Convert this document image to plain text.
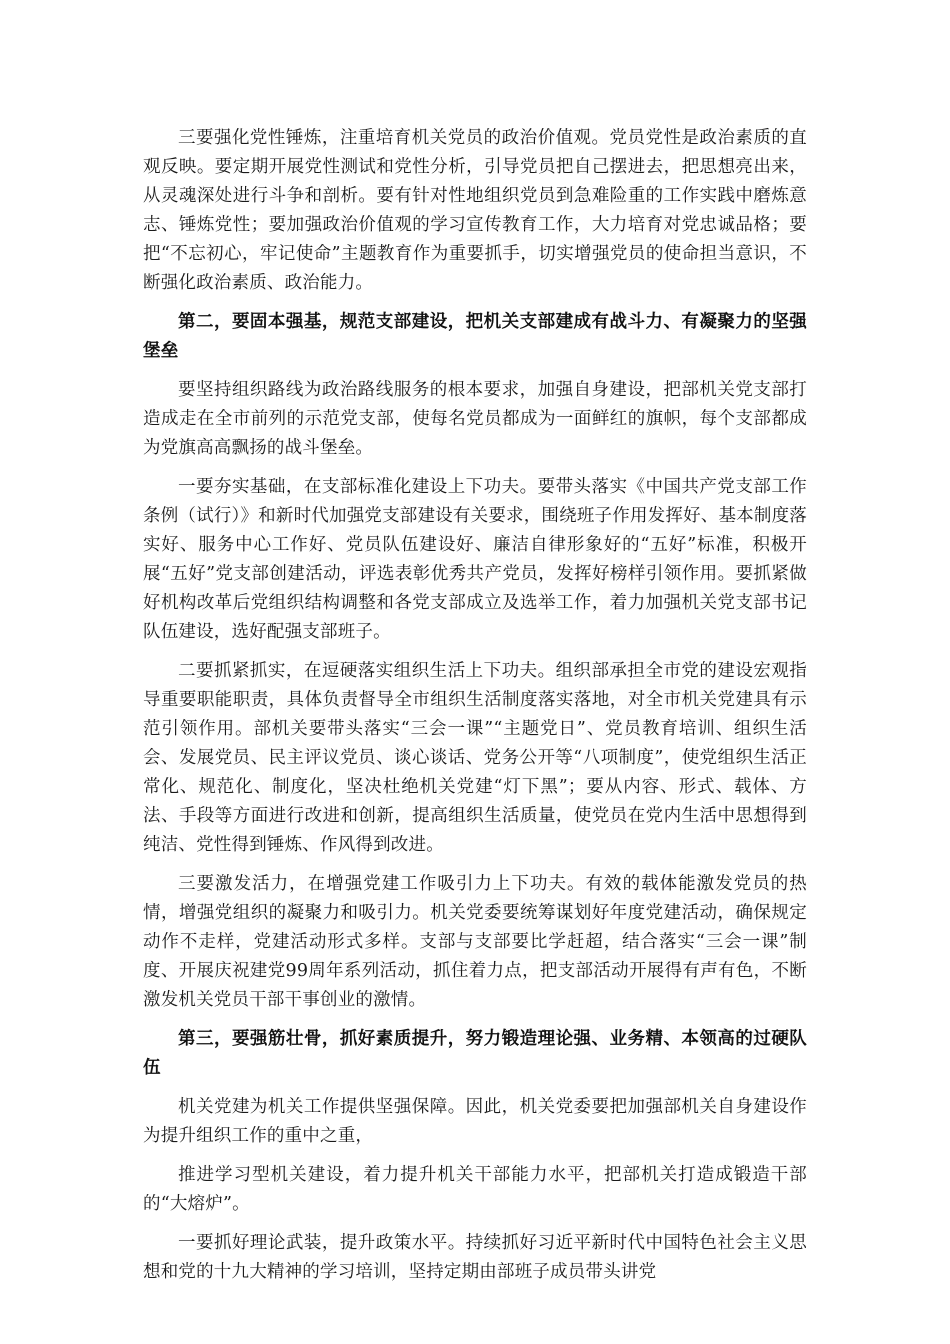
三要强化党性锤炼，注重培育机关党员的政治价值观。党员党性是政治素质的直观反映。要定期开展党性测试和党性分析，引导党员把自己摆进去，把思想亮出来，从灵魂深处进行斗争和剖析。要有针对性地组织党员到急难险重的工作实践中磨炼意志、锤炼党性；要加强政治价值观的学习宣传教育工作，大力培育对党忠诚品格；要把“不忘初心，牢记使命”主题教育作为重要抓手，切实增强党员的使命担当意识，不断强化政治素质、政治能力。

第二，要固本强基，规范支部建设，把机关支部建成有战斗力、有凝聚力的坚强堡垒

要坚持组织路线为政治路线服务的根本要求，加强自身建设，把部机关党支部打造成走在全市前列的示范党支部，使每名党员都成为一面鲜红的旗帜，每个支部都成为党旗高高飘扬的战斗堡垒。

一要夯实基础，在支部标准化建设上下功夫。要带头落实《中国共产党支部工作条例（试行）》和新时代加强党支部建设有关要求，围绕班子作用发挥好、基本制度落实好、服务中心工作好、党员队伍建设好、廉洁自律形象好的“五好”标准，积极开展“五好”党支部创建活动，评选表彰优秀共产党员，发挥好榜样引领作用。要抓紧做好机构改革后党组织结构调整和各党支部成立及选举工作，着力加强机关党支部书记队伍建设，选好配强支部班子。

二要抓紧抓实，在逗硬落实组织生活上下功夫。组织部承担全市党的建设宏观指导重要职能职责，具体负责督导全市组织生活制度落实落地，对全市机关党建具有示范引领作用。部机关要带头落实“三会一课”“主题党日”、党员教育培训、组织生活会、发展党员、民主评议党员、谈心谈话、党务公开等“八项制度”，使党组织生活正常化、规范化、制度化，坚决杜绝机关党建“灯下黑”；要从内容、形式、载体、方法、手段等方面进行改进和创新，提高组织生活质量，使党员在党内生活中思想得到纯洁、党性得到锤炼、作风得到改进。

三要激发活力，在增强党建工作吸引力上下功夫。有效的载体能激发党员的热情，增强党组织的凝聚力和吸引力。机关党委要统筹谋划好年度党建活动，确保规定动作不走样，党建活动形式多样。支部与支部要比学赶超，结合落实“三会一课”制度、开展庆祝建党99周年系列活动，抓住着力点，把支部活动开展得有声有色，不断激发机关党员干部干事创业的激情。

第三，要强筋壮骨，抓好素质提升，努力锻造理论强、业务精、本领高的过硬队伍

机关党建为机关工作提供坚强保障。因此，机关党委要把加强部机关自身建设作为提升组织工作的重中之重，

推进学习型机关建设，着力提升机关干部能力水平，把部机关打造成锻造干部的“大熔炉”。

一要抓好理论武装，提升政策水平。持续抓好习近平新时代中国特色社会主义思想和党的十九大精神的学习培训，坚持定期由部班子成员带头讲党
